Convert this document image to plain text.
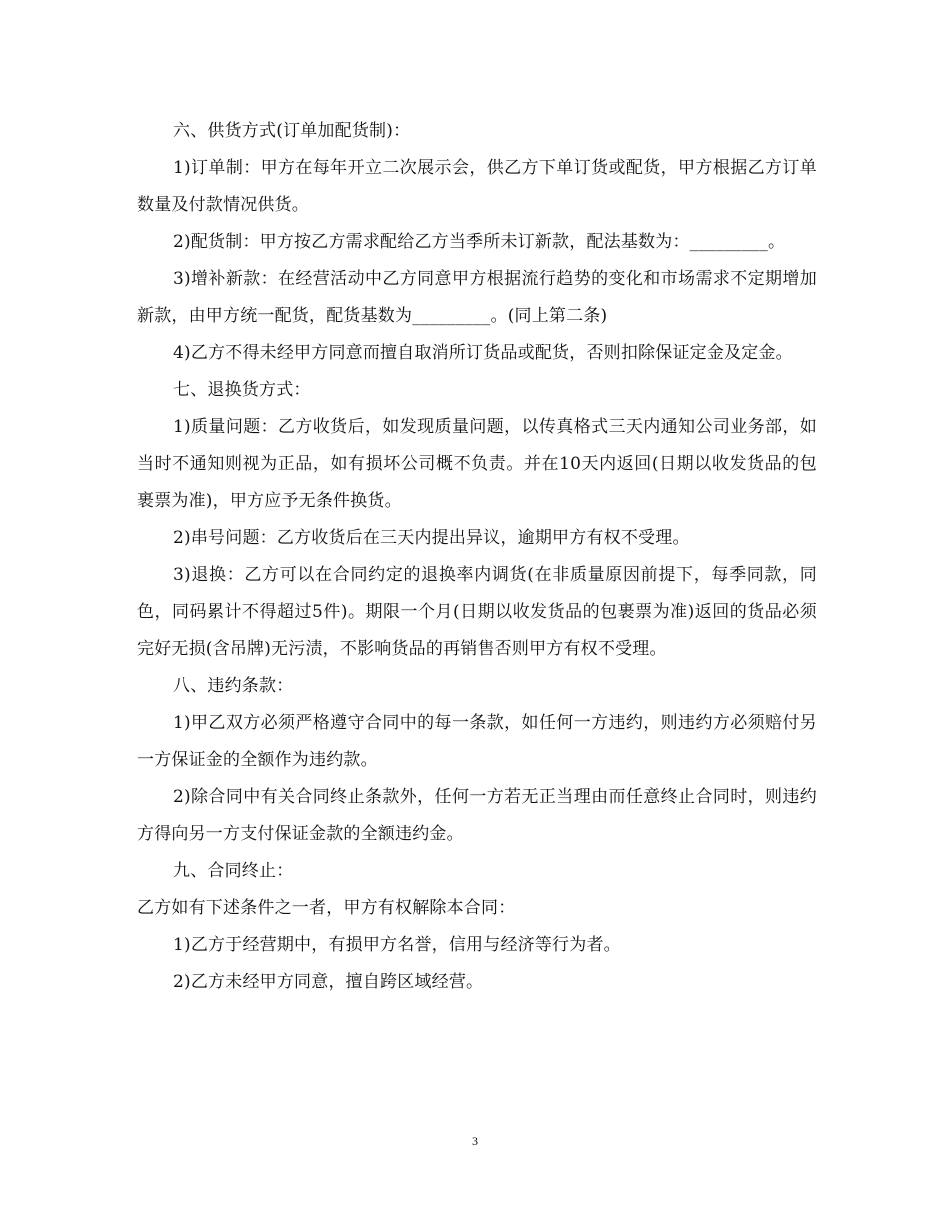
六、供货方式(订单加配货制)：

1)订单制：甲方在每年开立二次展示会，供乙方下单订货或配货，甲方根据乙方订单数量及付款情况供货。

2)配货制：甲方按乙方需求配给乙方当季所未订新款，配法基数为：_________。

3)增补新款：在经营活动中乙方同意甲方根据流行趋势的变化和市场需求不定期增加新款，由甲方统一配货，配货基数为_________。(同上第二条)

4)乙方不得未经甲方同意而擅自取消所订货品或配货，否则扣除保证定金及定金。

七、退换货方式：

1)质量问题：乙方收货后，如发现质量问题，以传真格式三天内通知公司业务部，如当时不通知则视为正品，如有损坏公司概不负责。并在10天内返回(日期以收发货品的包裹票为准)，甲方应予无条件换货。

2)串号问题：乙方收货后在三天内提出异议，逾期甲方有权不受理。

3)退换：乙方可以在合同约定的退换率内调货(在非质量原因前提下，每季同款，同色，同码累计不得超过5件)。期限一个月(日期以收发货品的包裹票为准)返回的货品必须完好无损(含吊牌)无污渍，不影响货品的再销售否则甲方有权不受理。

八、违约条款：

1)甲乙双方必须严格遵守合同中的每一条款，如任何一方违约，则违约方必须赔付另一方保证金的全额作为违约款。

2)除合同中有关合同终止条款外，任何一方若无正当理由而任意终止合同时，则违约方得向另一方支付保证金款的全额违约金。

九、合同终止：

乙方如有下述条件之一者，甲方有权解除本合同：

1)乙方于经营期中，有损甲方名誉，信用与经济等行为者。

2)乙方未经甲方同意，擅自跨区域经营。

3
